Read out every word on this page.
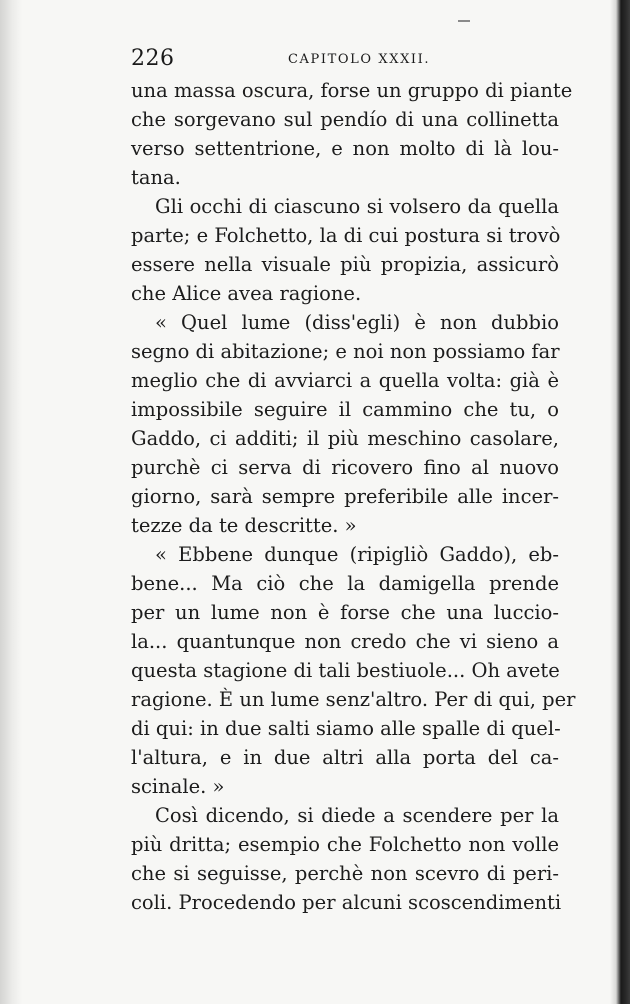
226	CAPITOLO XXXII.
una massa oscura, forse un gruppo di piante
che sorgevano sul pendío di una collinetta
verso settentrione, e non molto di là lou-
tana.
Gli occhi di ciascuno si volsero da quella
parte; e Folchetto, la di cui postura si trovò
essere nella visuale più propizia, assicurò
che Alice avea ragione.
« Quel lume (diss'egli) è non dubbio
segno di abitazione; e noi non possiamo far
meglio che di avviarci a quella volta: già è
impossibile seguire il cammino che tu, o
Gaddo, ci additi; il più meschino casolare,
purchè ci serva di ricovero fino al nuovo
giorno, sarà sempre preferibile alle incer-
tezze da te descritte. »
« Ebbene dunque (ripigliò Gaddo), eb-
bene... Ma ciò che la damigella prende
per un lume non è forse che una luccio-
la... quantunque non credo che vi sieno a
questa stagione di tali bestiuole... Oh avete
ragione. È un lume senz'altro. Per di qui, per
di qui: in due salti siamo alle spalle di quel-
l'altura, e in due altri alla porta del ca-
scinale. »
Così dicendo, si diede a scendere per la
più dritta; esempio che Folchetto non volle
che si seguisse, perchè non scevro di peri-
coli. Procedendo per alcuni scoscendimenti
